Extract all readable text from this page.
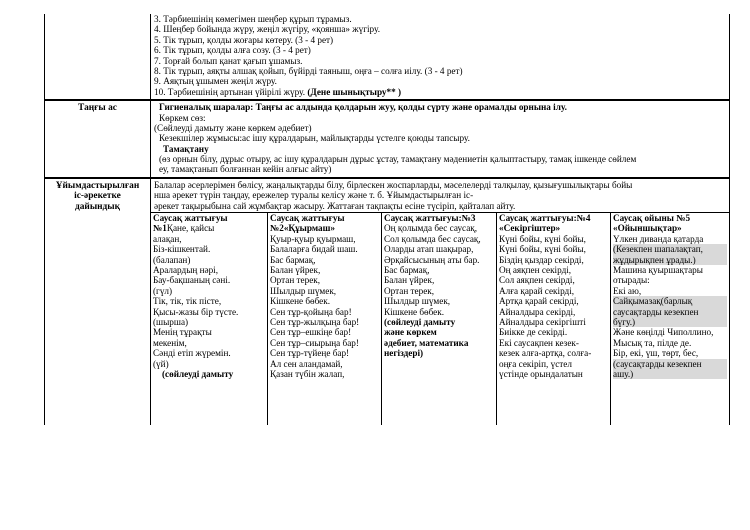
3. Тәрбиешінің көмегімен шеңбер құрып тұрамыз.
4. Шеңбер бойында жүру, жеңіл жүгіру, «қояншa» жүгіру.
5. Тік тұрып, қолды жоғары көтеру. (3 - 4 рет)
6. Тік тұрып, қолды алға созу. (3 - 4 рет)
7. Торғай болып қанат қағып ұшамыз.
8. Тік тұрып, аяқты алшақ қойып, бүйірді таяныш, оңға – солға иілу. (3 - 4 рет)
9. Аяқтың ұшымен жеңіл жүру.
10. Тәрбиешінің артынан үйірілі жүру. (Дене шынықтыру** )
Таңғы ас	Гигиеналық шаралар: Таңғы ас алдында қолдарын жуу, қолды сүрту және орамалды орнына ілу.
Көркем сөз:
(Сөйлеуді дамыту және көркем әдебиет)
Кезекшілер жұмысы:ас ішу құралдарын, майлықтарды үстелге қоюды тапсыру.
Тамақтану
(өз орнын білу, дұрыс отыру, ас ішу құралдарын дұрыс ұстау, тамақтану мәдениетін қалыптастыру, тамақ ішкенде сөйлем
еу, тамақтанып болғаннан кейін алғыс айту)
Ұйымдастырылған
іс-әрекетке
дайындық
Балалар әсерлерімен бөлісу, жаңалықтарды білу, бірлескен жоспарларды, мәселелерді талқылау, қызығушылықтары бойы
нша әрекет түрін таңдау, ережелер туралы келісу және т. б. Ұйымдастырылған іс-
әрекет тақырыбына сай жұмбақтар жасыру. Жаттаған тақпақты есіне түсіріп, қайталап айту.
Саусақ жаттығуы
№1Қане, қайсы
алақан,
Біз-кішкентай.
(балапан)
Аралардың нәрі,
Бау-бақшаның сәні.
(гүл)
Тік, тік, тік пісте,
Қысы-жазы бір түсте.
(шырша)
Менің тұрақты
мекенім,
Сәнді етіп жүремін.
(үй)
(сөйлеуді дамыту
Саусақ жаттығуы
№2«Құырмаш»
Қуыр-қуыр қуырмаш,
Балаларға бидай шаш.
Бас бармақ,
Балан үйрек,
Ортан терек,
Шылдыр шүмек,
Кішкене бөбек.
Сен тұр-қойыңа бар!
Сен тұр-жылқыңа бар!
Сен тұр–ешкіңе бар!
Сен тұр–сиырыңа бар!
Сен тұр-түйеңе бар!
Ал сен аландамай,
Қазан түбін жалап,
Саусақ жаттығуы:№3
Оң қолымда бес саусақ,
Сол қолымда бес саусақ,
Оларды атап шақырар,
Әрқайсысының аты бар.
Бас бармақ,
Балан үйрек,
Ортан терек,
Шылдыр шүмек,
Кішкене бөбек.
(сөйлеуді дамыту
және көркем
әдебиет, математика
негіздері)
Саусақ жаттығуы:№4
«Секіргіштер»
Күні бойы, күні бойы,
Күні бойы, күні бойы,
Біздің қыздар секірді,
Оң аяқпен секірді,
Сол аяқпен секірді,
Алға қарай секірді,
Артқа қарай секірді,
Айналдыра секірді,
Айналдыра секіргішті
Биікке де секірді.
Екі саусақпен кезек-
кезек алға-артқа, солға-
оңға секіріп, үстел
үстінде орындалатын
Саусақ ойыны №5
«Ойыншықтар»
Үлкен диванда қатарда
(Кезекпен шапалақтап,
жұдырықпен ұрады.)
Машина қуыршақтары
отырады:
Екі аю,
Сайқымазақ(барлық
саусақтарды кезекпен
бүгу.)
Және көңілді Чиполлино,
Мысық та, пілде де.
Бір, екі, үш, төрт, бес,
(саусақтарды кезекпен
ашу.)
